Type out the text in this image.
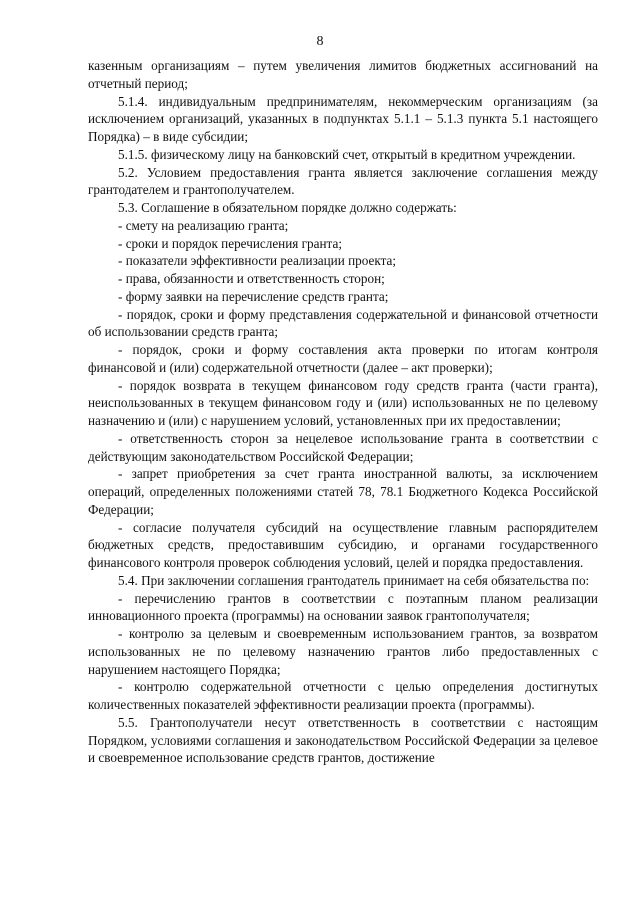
8

казенным организациям – путем увеличения лимитов бюджетных ассигнований на отчетный период;

5.1.4. индивидуальным предпринимателям, некоммерческим организациям (за исключением организаций, указанных в подпунктах 5.1.1 – 5.1.3 пункта 5.1 настоящего Порядка) – в виде субсидии;

5.1.5. физическому лицу на банковский счет, открытый в кредитном учреждении.

5.2. Условием предоставления гранта является заключение соглашения между грантодателем и грантополучателем.

5.3. Соглашение в обязательном порядке должно содержать:

- смету на реализацию гранта;

- сроки и порядок перечисления гранта;

- показатели эффективности реализации проекта;

- права, обязанности и ответственность сторон;

- форму заявки на перечисление средств гранта;

- порядок, сроки и форму представления содержательной и финансовой отчетности об использовании средств гранта;

- порядок, сроки и форму составления акта проверки по итогам контроля финансовой и (или) содержательной отчетности (далее – акт проверки);

- порядок возврата в текущем финансовом году средств гранта (части гранта), неиспользованных в текущем финансовом году и (или) использованных не по целевому назначению и (или) с нарушением условий, установленных при их предоставлении;

- ответственность сторон за нецелевое использование гранта в соответствии с действующим законодательством Российской Федерации;

- запрет приобретения за счет гранта иностранной валюты, за исключением операций, определенных положениями статей 78, 78.1 Бюджетного Кодекса Российской Федерации;

- согласие получателя субсидий на осуществление главным распорядителем бюджетных средств, предоставившим субсидию, и органами государственного финансового контроля проверок соблюдения условий, целей и порядка предоставления.

5.4. При заключении соглашения грантодатель принимает на себя обязательства по:

- перечислению грантов в соответствии с поэтапным планом реализации инновационного проекта (программы) на основании заявок грантополучателя;

- контролю за целевым и своевременным использованием грантов, за возвратом использованных не по целевому назначению грантов либо предоставленных с нарушением настоящего Порядка;

- контролю содержательной отчетности с целью определения достигнутых количественных показателей эффективности реализации проекта (программы).

5.5. Грантополучатели несут ответственность в соответствии с настоящим Порядком, условиями соглашения и законодательством Российской Федерации за целевое и своевременное использование средств грантов, достижение
